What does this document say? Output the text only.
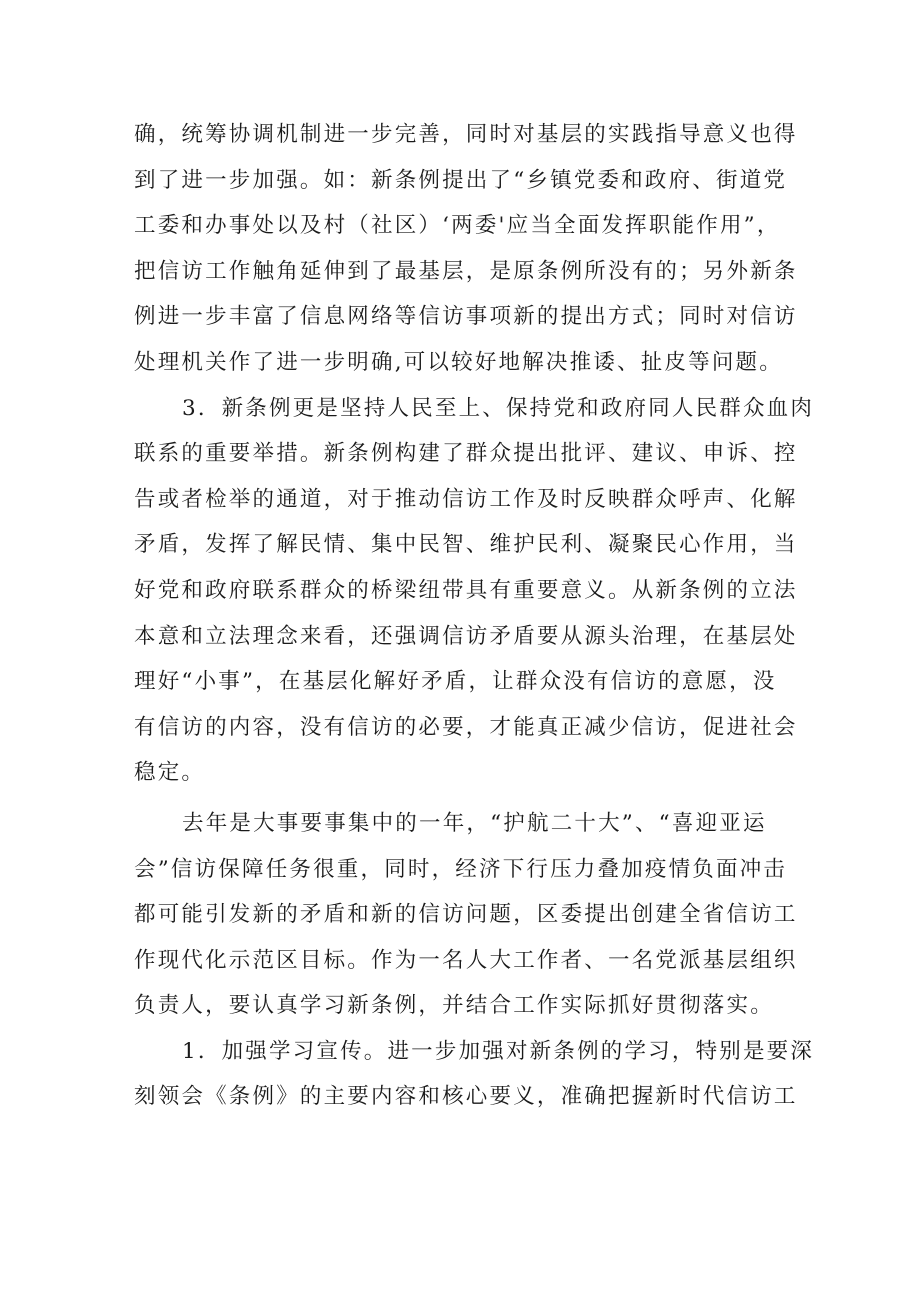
确，统筹协调机制进一步完善，同时对基层的实践指导意义也得
到了进一步加强。如：新条例提出了“乡镇党委和政府、街道党
工委和办事处以及村（社区）‘两委'应当全面发挥职能作用”，
把信访工作触角延伸到了最基层，是原条例所没有的；另外新条
例进一步丰富了信息网络等信访事项新的提出方式；同时对信访
处理机关作了进一步明确,可以较好地解决推诿、扯皮等问题。
3．新条例更是坚持人民至上、保持党和政府同人民群众血肉
联系的重要举措。新条例构建了群众提出批评、建议、申诉、控
告或者检举的通道，对于推动信访工作及时反映群众呼声、化解
矛盾，发挥了解民情、集中民智、维护民利、凝聚民心作用，当
好党和政府联系群众的桥梁纽带具有重要意义。从新条例的立法
本意和立法理念来看，还强调信访矛盾要从源头治理，在基层处
理好“小事”，在基层化解好矛盾，让群众没有信访的意愿，没
有信访的内容，没有信访的必要，才能真正减少信访，促进社会
稳定。
去年是大事要事集中的一年，“护航二十大”、“喜迎亚运
会”信访保障任务很重，同时，经济下行压力叠加疫情负面冲击
都可能引发新的矛盾和新的信访问题，区委提出创建全省信访工
作现代化示范区目标。作为一名人大工作者、一名党派基层组织
负责人，要认真学习新条例，并结合工作实际抓好贯彻落实。
1．加强学习宣传。进一步加强对新条例的学习，特别是要深
刻领会《条例》的主要内容和核心要义，准确把握新时代信访工
